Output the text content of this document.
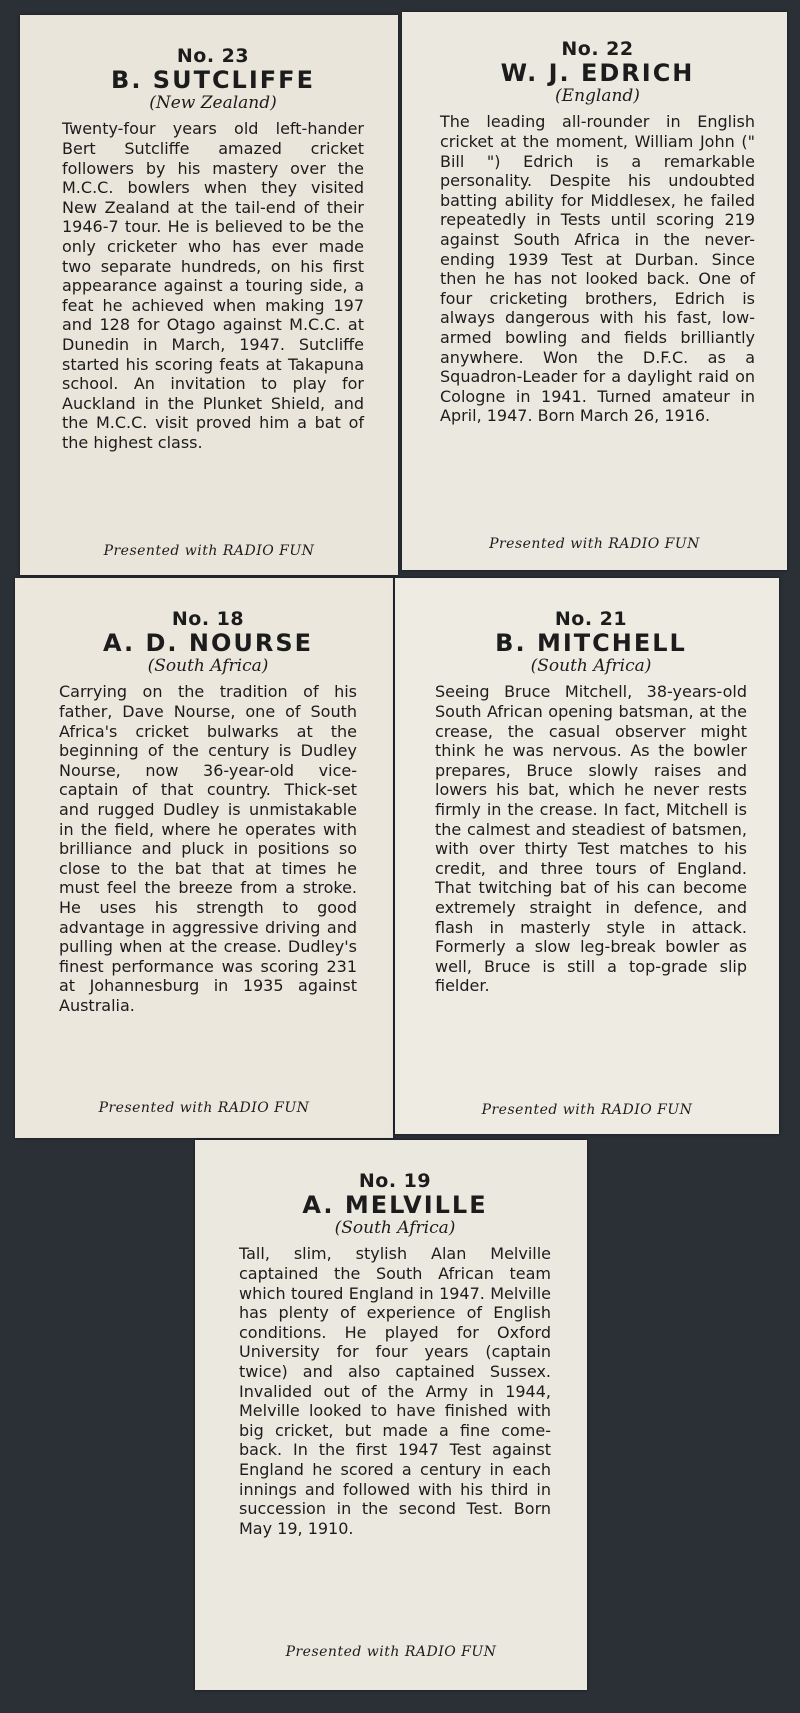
No. 23
B. SUTCLIFFE
(New Zealand)
Twenty-four years old left-hander Bert Sutcliffe amazed cricket followers by his mastery over the M.C.C. bowlers when they visited New Zealand at the tail-end of their 1946-7 tour. He is believed to be the only cricketer who has ever made two separate hundreds, on his first appearance against a touring side, a feat he achieved when making 197 and 128 for Otago against M.C.C. at Dunedin in March, 1947. Sutcliffe started his scoring feats at Takapuna school. An invitation to play for Auckland in the Plunket Shield, and the M.C.C. visit proved him a bat of the highest class.
Presented with RADIO FUN
No. 22
W. J. EDRICH
(England)
The leading all-rounder in English cricket at the moment, William John (" Bill ") Edrich is a remarkable personality. Despite his undoubted batting ability for Middlesex, he failed repeatedly in Tests until scoring 219 against South Africa in the never-ending 1939 Test at Durban. Since then he has not looked back. One of four cricketing brothers, Edrich is always dangerous with his fast, low-armed bowling and fields brilliantly anywhere. Won the D.F.C. as a Squadron-Leader for a daylight raid on Cologne in 1941. Turned amateur in April, 1947. Born March 26, 1916.
Presented with RADIO FUN
No. 18
A. D. NOURSE
(South Africa)
Carrying on the tradition of his father, Dave Nourse, one of South Africa's cricket bulwarks at the beginning of the century is Dudley Nourse, now 36-year-old vice-captain of that country. Thick-set and rugged Dudley is unmistakable in the field, where he operates with brilliance and pluck in positions so close to the bat that at times he must feel the breeze from a stroke. He uses his strength to good advantage in aggressive driving and pulling when at the crease. Dudley's finest performance was scoring 231 at Johannesburg in 1935 against Australia.
Presented with RADIO FUN
No. 21
B. MITCHELL
(South Africa)
Seeing Bruce Mitchell, 38-years-old South African opening batsman, at the crease, the casual observer might think he was nervous. As the bowler prepares, Bruce slowly raises and lowers his bat, which he never rests firmly in the crease. In fact, Mitchell is the calmest and steadiest of batsmen, with over thirty Test matches to his credit, and three tours of England. That twitching bat of his can become extremely straight in defence, and flash in masterly style in attack. Formerly a slow leg-break bowler as well, Bruce is still a top-grade slip fielder.
Presented with RADIO FUN
No. 19
A. MELVILLE
(South Africa)
Tall, slim, stylish Alan Melville captained the South African team which toured England in 1947. Melville has plenty of experience of English conditions. He played for Oxford University for four years (captain twice) and also captained Sussex. Invalided out of the Army in 1944, Melville looked to have finished with big cricket, but made a fine come-back. In the first 1947 Test against England he scored a century in each innings and followed with his third in succession in the second Test. Born May 19, 1910.
Presented with RADIO FUN
